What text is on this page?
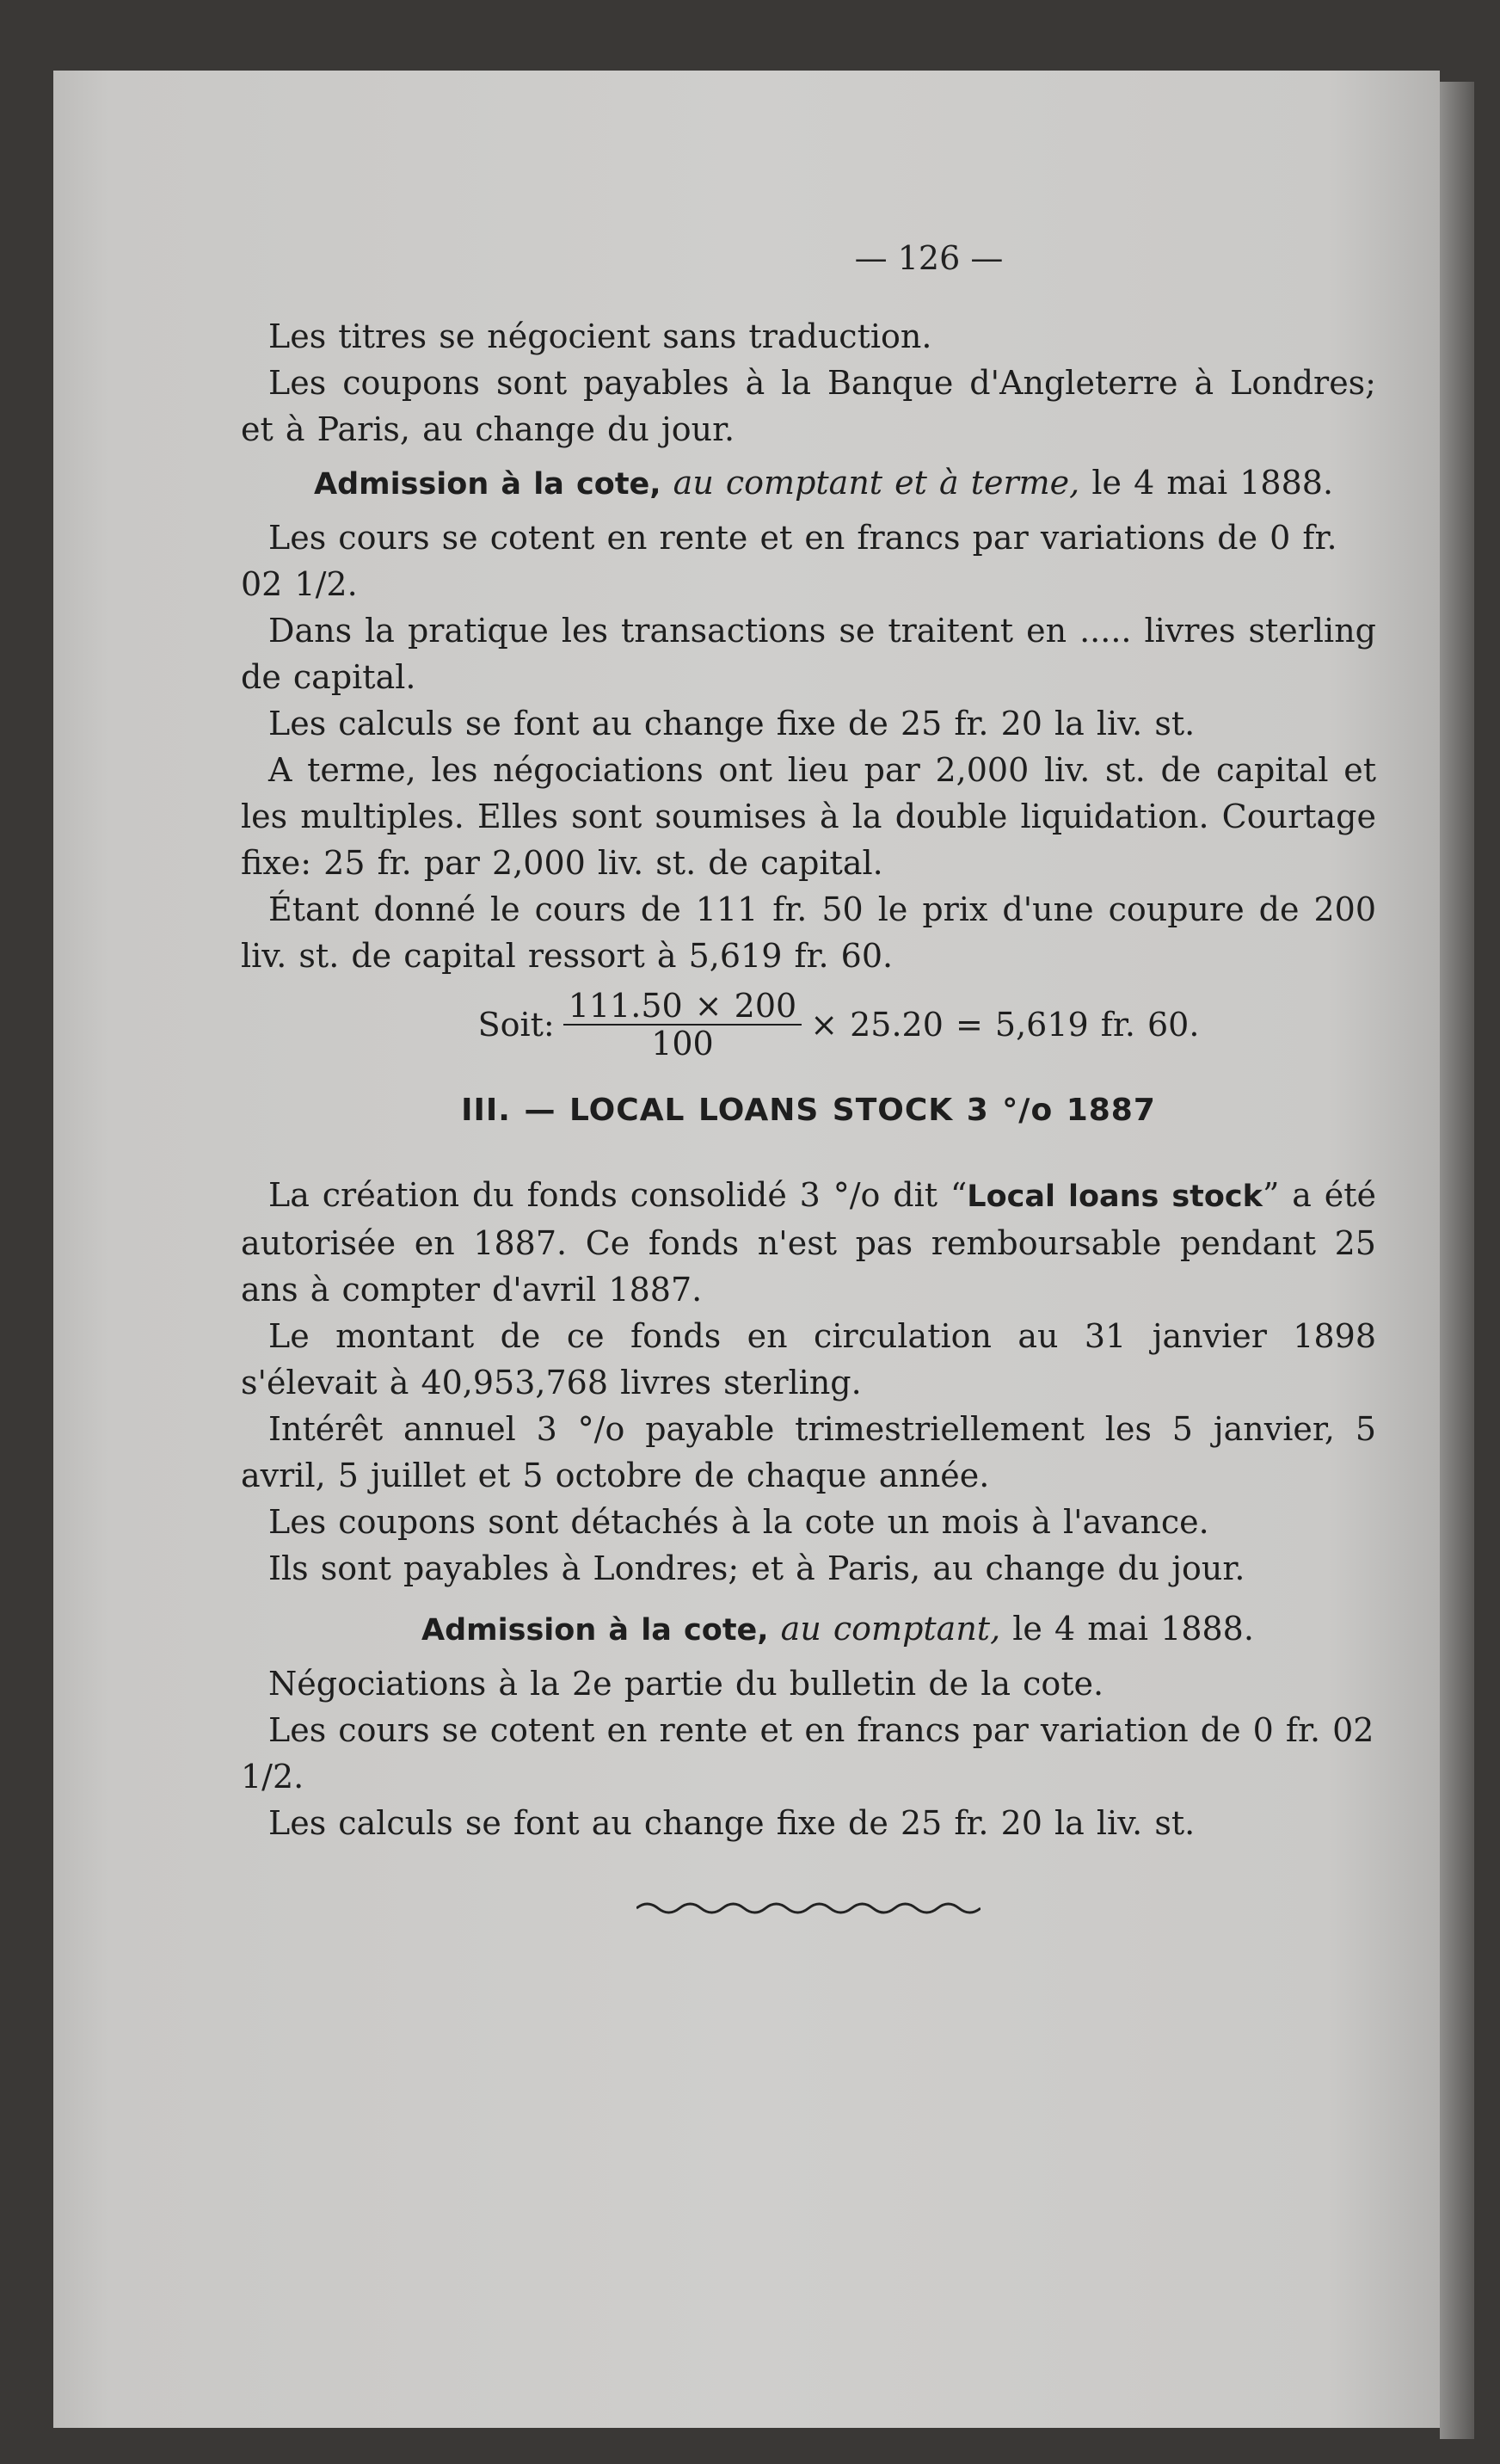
— 126 —

Les titres se négocient sans traduction.

Les coupons sont payables à la Banque d'Angleterre à Londres; et à Paris, au change du jour.

Admission à la cote, au comptant et à terme, le 4 mai 1888.

Les cours se cotent en rente et en francs par variations de 0 fr. 02 1/2.

Dans la pratique les transactions se traitent en ..... livres sterling de capital.

Les calculs se font au change fixe de 25 fr. 20 la liv. st.

A terme, les négociations ont lieu par 2,000 liv. st. de capital et les multiples. Elles sont soumises à la double liquidation. Courtage fixe: 25 fr. par 2,000 liv. st. de capital.

Étant donné le cours de 111 fr. 50 le prix d'une coupure de 200 liv. st. de capital ressort à 5,619 fr. 60.

Soit: $\frac{111.50 \times 200}{100} \times 25.20 = 5,619$ fr. 60.

III. — LOCAL LOANS STOCK 3 °/o 1887

La création du fonds consolidé 3 °/o dit “Local loans stock” a été autorisée en 1887. Ce fonds n'est pas remboursable pendant 25 ans à compter d'avril 1887.

Le montant de ce fonds en circulation au 31 janvier 1898 s'élevait à 40,953,768 livres sterling.

Intérêt annuel 3 °/o payable trimestriellement les 5 janvier, 5 avril, 5 juillet et 5 octobre de chaque année.

Les coupons sont détachés à la cote un mois à l'avance.

Ils sont payables à Londres; et à Paris, au change du jour.

Admission à la cote, au comptant, le 4 mai 1888.

Négociations à la 2e partie du bulletin de la cote.

Les cours se cotent en rente et en francs par variation de 0 fr. 02 1/2.

Les calculs se font au change fixe de 25 fr. 20 la liv. st.
